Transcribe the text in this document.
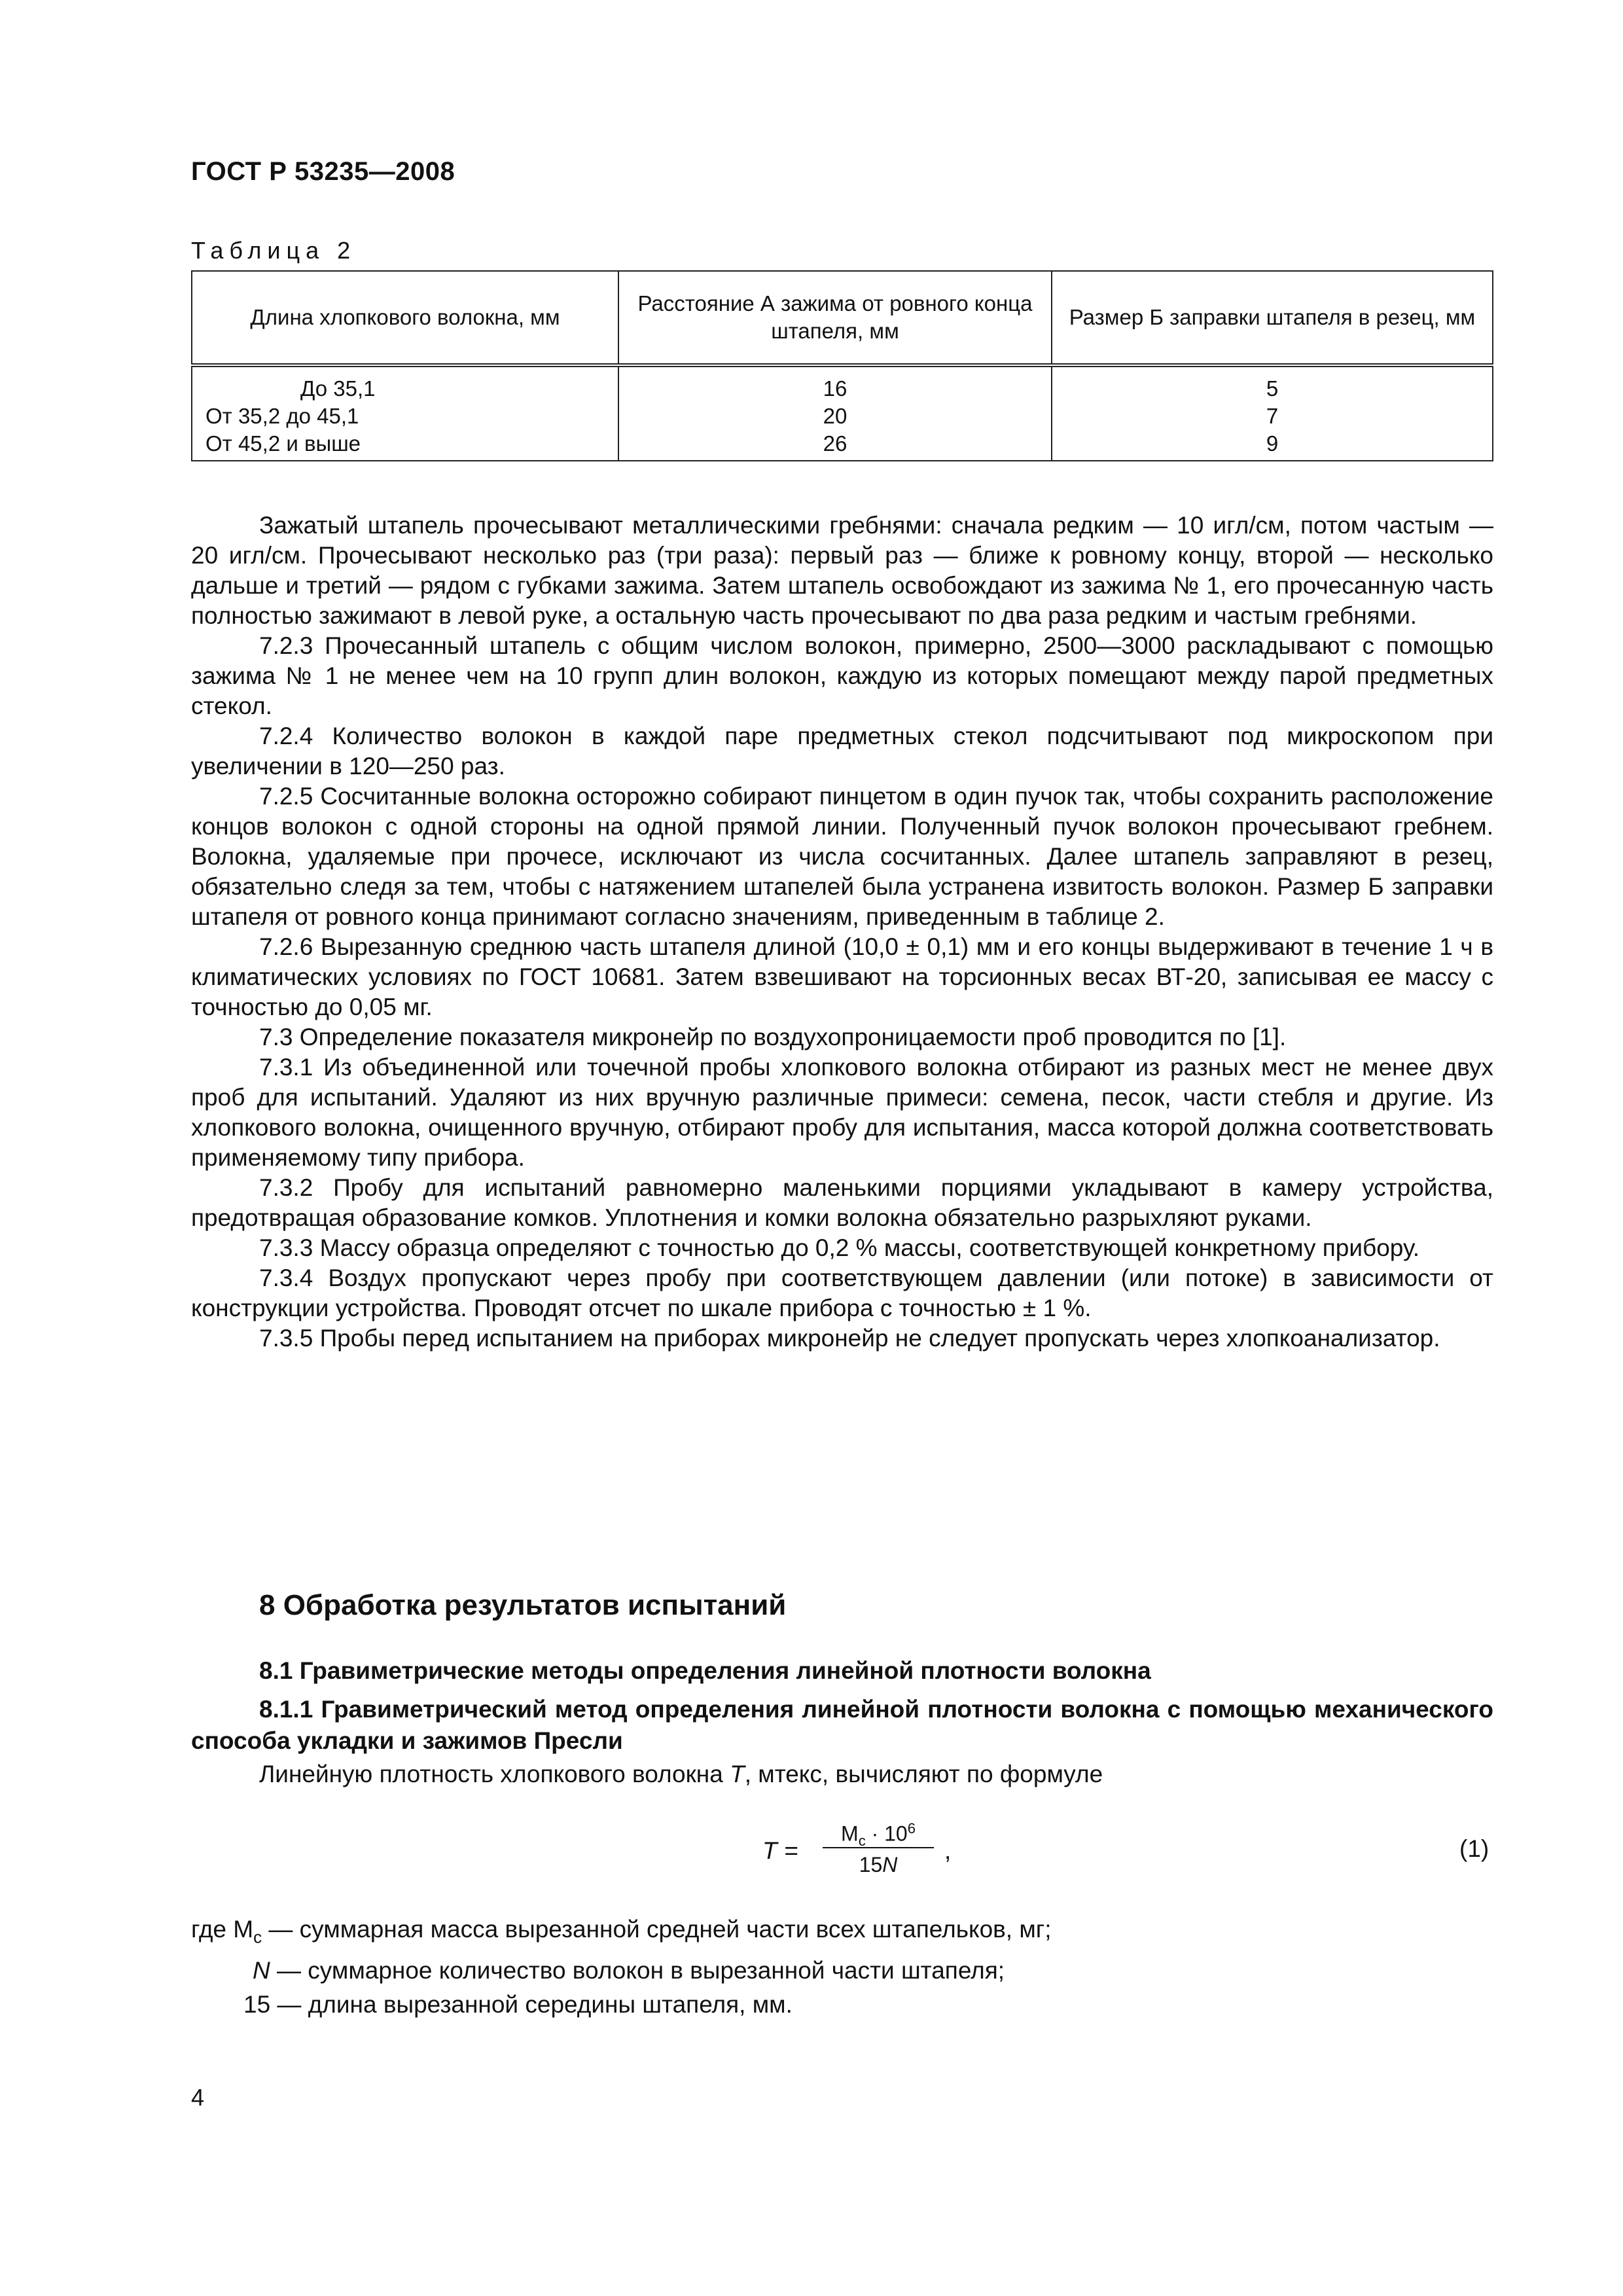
ГОСТ Р 53235—2008
Таблица 2
Длина хлопкового волокна, мм	Расстояние А зажима от ровного конца штапеля, мм	Размер Б заправки штапеля в резец, мм
До 35,1	16	5
От 35,2 до 45,1	20	7
От 45,2 и выше	26	9

Зажатый штапель прочесывают металлическими гребнями: сначала редким — 10 игл/см, потом частым — 20 игл/см. Прочесывают несколько раз (три раза): первый раз — ближе к ровному концу, второй — несколько дальше и третий — рядом с губками зажима. Затем штапель освобождают из зажима № 1, его прочесанную часть полностью зажимают в левой руке, а остальную часть прочесывают по два раза редким и частым гребнями.

7.2.3 Прочесанный штапель с общим числом волокон, примерно, 2500—3000 раскладывают с помощью зажима № 1 не менее чем на 10 групп длин волокон, каждую из которых помещают между парой предметных стекол.

7.2.4 Количество волокон в каждой паре предметных стекол подсчитывают под микроскопом при увеличении в 120—250 раз.

7.2.5 Сосчитанные волокна осторожно собирают пинцетом в один пучок так, чтобы сохранить расположение концов волокон с одной стороны на одной прямой линии. Полученный пучок волокон прочесывают гребнем. Волокна, удаляемые при прочесе, исключают из числа сосчитанных. Далее штапель заправляют в резец, обязательно следя за тем, чтобы с натяжением штапелей была устранена извитость волокон. Размер Б заправки штапеля от ровного конца принимают согласно значениям, приведенным в таблице 2.

7.2.6 Вырезанную среднюю часть штапеля длиной (10,0 ± 0,1) мм и его концы выдерживают в течение 1 ч в климатических условиях по ГОСТ 10681. Затем взвешивают на торсионных весах ВТ-20, записывая ее массу с точностью до 0,05 мг.

7.3 Определение показателя микронейр по воздухопроницаемости проб проводится по [1].

7.3.1 Из объединенной или точечной пробы хлопкового волокна отбирают из разных мест не менее двух проб для испытаний. Удаляют из них вручную различные примеси: семена, песок, части стебля и другие. Из хлопкового волокна, очищенного вручную, отбирают пробу для испытания, масса которой должна соответствовать применяемому типу прибора.

7.3.2 Пробу для испытаний равномерно маленькими порциями укладывают в камеру устройства, предотвращая образование комков. Уплотнения и комки волокна обязательно разрыхляют руками.

7.3.3 Массу образца определяют с точностью до 0,2 % массы, соответствующей конкретному прибору.

7.3.4 Воздух пропускают через пробу при соответствующем давлении (или потоке) в зависимости от конструкции устройства. Проводят отсчет по шкале прибора с точностью ± 1 %.

7.3.5 Пробы перед испытанием на приборах микронейр не следует пропускать через хлопкоанализатор.

8 Обработка результатов испытаний
8.1 Гравиметрические методы определения линейной плотности волокна
8.1.1 Гравиметрический метод определения линейной плотности волокна с помощью механического способа укладки и зажимов Пресли
Линейную плотность хлопкового волокна T, мтекс, вычисляют по формуле
T =
$M_c \cdot 10^6$
15N
,	(1)
где $М_с$ — суммарная масса вырезанной средней части всех штапельков, мг;
N — суммарное количество волокон в вырезанной части штапеля;
15 — длина вырезанной середины штапеля, мм.
4
